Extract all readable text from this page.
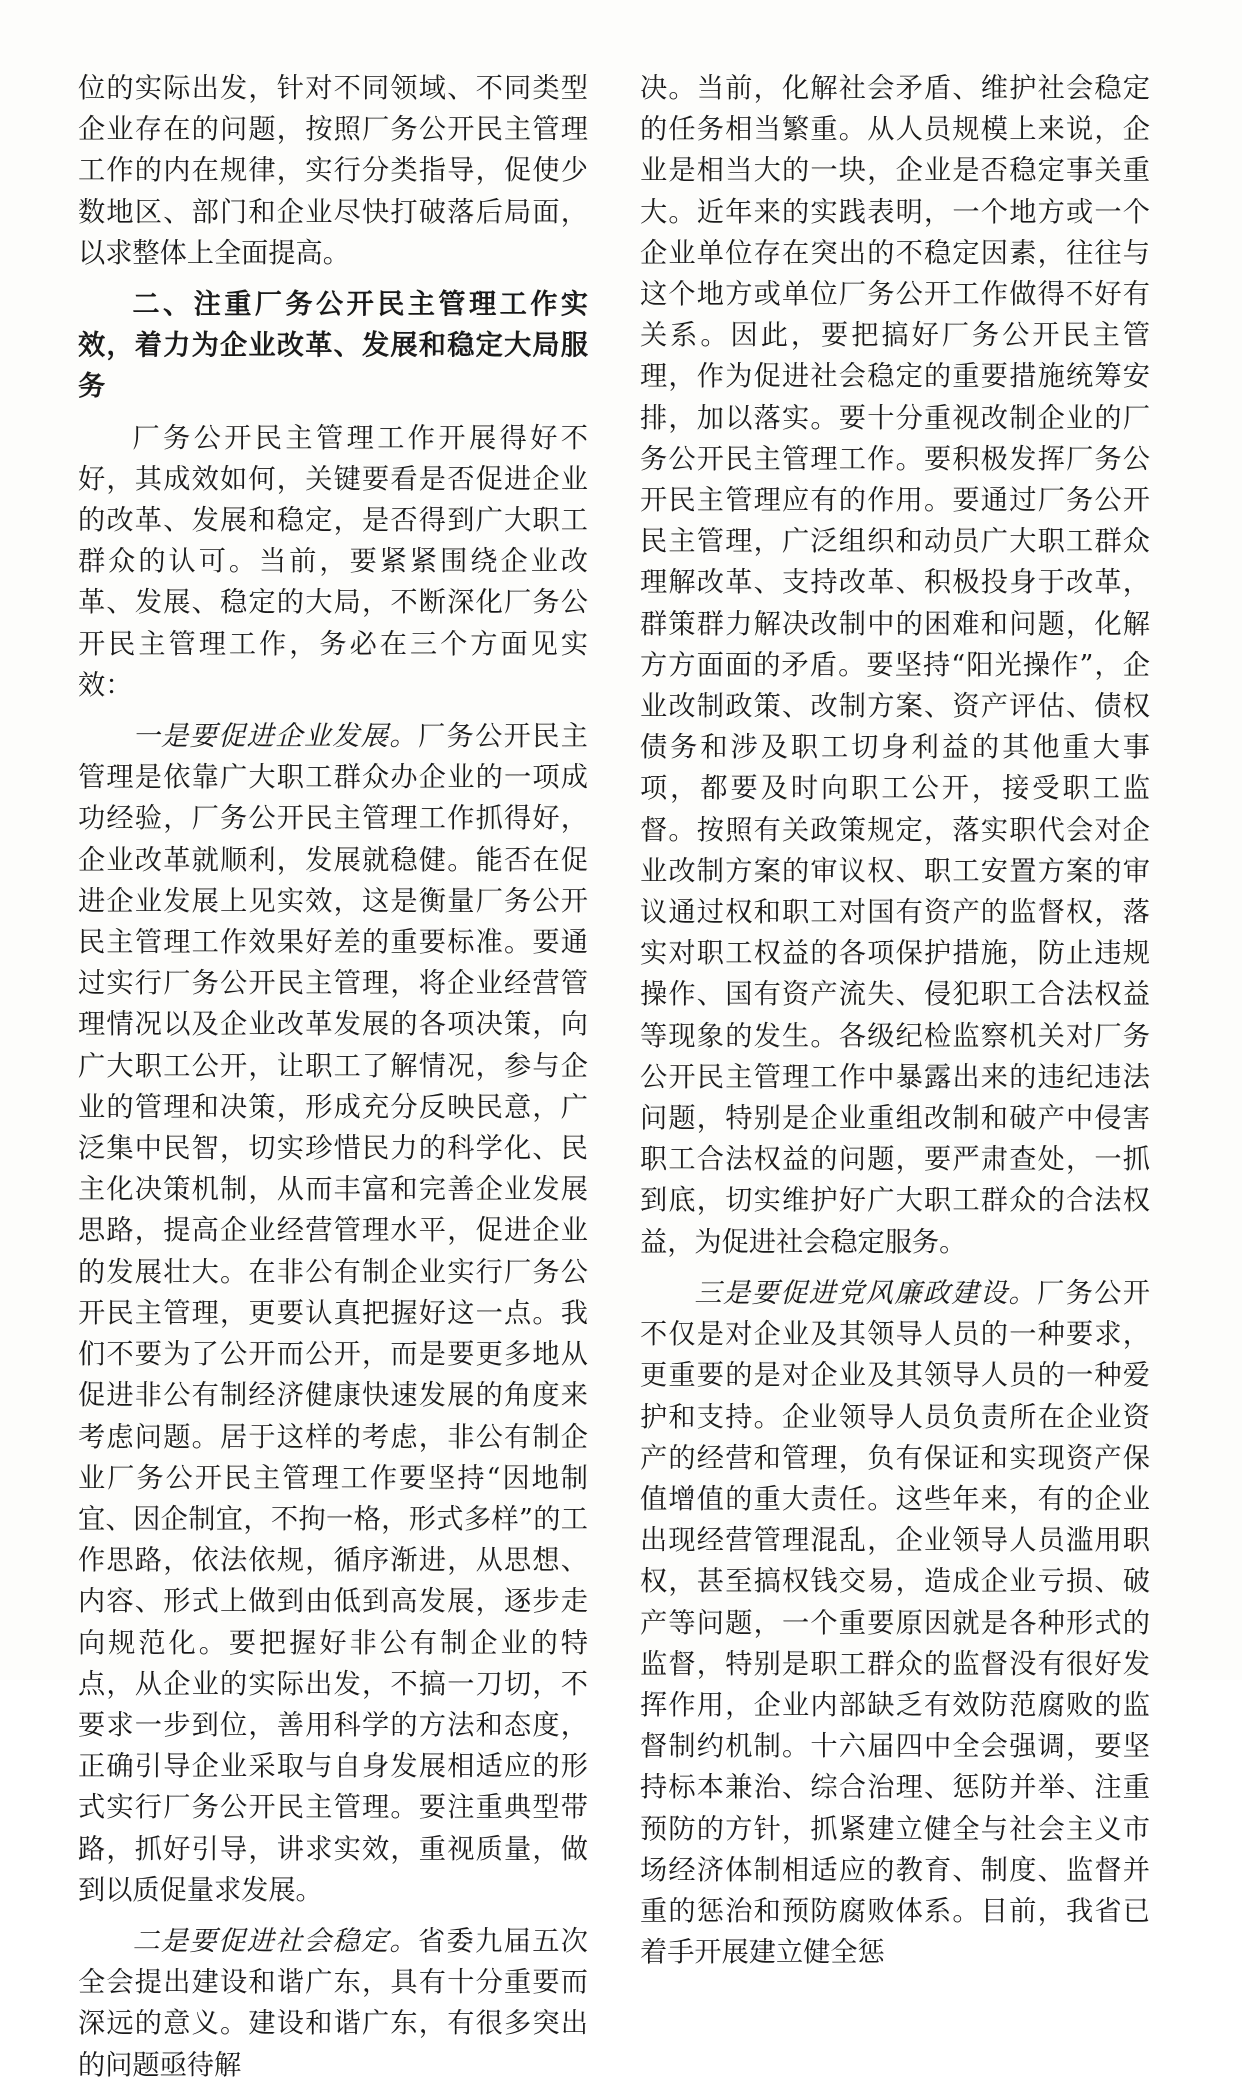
位的实际出发，针对不同领域、不同类型企业存在的问题，按照厂务公开民主管理工作的内在规律，实行分类指导，促使少数地区、部门和企业尽快打破落后局面，以求整体上全面提高。

二、注重厂务公开民主管理工作实效，着力为企业改革、发展和稳定大局服务

厂务公开民主管理工作开展得好不好，其成效如何，关键要看是否促进企业的改革、发展和稳定，是否得到广大职工群众的认可。当前，要紧紧围绕企业改革、发展、稳定的大局，不断深化厂务公开民主管理工作，务必在三个方面见实效：

一是要促进企业发展。厂务公开民主管理是依靠广大职工群众办企业的一项成功经验，厂务公开民主管理工作抓得好，企业改革就顺利，发展就稳健。能否在促进企业发展上见实效，这是衡量厂务公开民主管理工作效果好差的重要标准。要通过实行厂务公开民主管理，将企业经营管理情况以及企业改革发展的各项决策，向广大职工公开，让职工了解情况，参与企业的管理和决策，形成充分反映民意，广泛集中民智，切实珍惜民力的科学化、民主化决策机制，从而丰富和完善企业发展思路，提高企业经营管理水平，促进企业的发展壮大。在非公有制企业实行厂务公开民主管理，更要认真把握好这一点。我们不要为了公开而公开，而是要更多地从促进非公有制经济健康快速发展的角度来考虑问题。居于这样的考虑，非公有制企业厂务公开民主管理工作要坚持“因地制宜、因企制宜，不拘一格，形式多样”的工作思路，依法依规，循序渐进，从思想、内容、形式上做到由低到高发展，逐步走向规范化。要把握好非公有制企业的特点，从企业的实际出发，不搞一刀切，不要求一步到位，善用科学的方法和态度，正确引导企业采取与自身发展相适应的形式实行厂务公开民主管理。要注重典型带路，抓好引导，讲求实效，重视质量，做到以质促量求发展。

二是要促进社会稳定。省委九届五次全会提出建设和谐广东，具有十分重要而深远的意义。建设和谐广东，有很多突出的问题亟待解

决。当前，化解社会矛盾、维护社会稳定的任务相当繁重。从人员规模上来说，企业是相当大的一块，企业是否稳定事关重大。近年来的实践表明，一个地方或一个企业单位存在突出的不稳定因素，往往与这个地方或单位厂务公开工作做得不好有关系。因此，要把搞好厂务公开民主管理，作为促进社会稳定的重要措施统筹安排，加以落实。要十分重视改制企业的厂务公开民主管理工作。要积极发挥厂务公开民主管理应有的作用。要通过厂务公开民主管理，广泛组织和动员广大职工群众理解改革、支持改革、积极投身于改革，群策群力解决改制中的困难和问题，化解方方面面的矛盾。要坚持“阳光操作”，企业改制政策、改制方案、资产评估、债权债务和涉及职工切身利益的其他重大事项，都要及时向职工公开，接受职工监督。按照有关政策规定，落实职代会对企业改制方案的审议权、职工安置方案的审议通过权和职工对国有资产的监督权，落实对职工权益的各项保护措施，防止违规操作、国有资产流失、侵犯职工合法权益等现象的发生。各级纪检监察机关对厂务公开民主管理工作中暴露出来的违纪违法问题，特别是企业重组改制和破产中侵害职工合法权益的问题，要严肃查处，一抓到底，切实维护好广大职工群众的合法权益，为促进社会稳定服务。

三是要促进党风廉政建设。厂务公开不仅是对企业及其领导人员的一种要求，更重要的是对企业及其领导人员的一种爱护和支持。企业领导人员负责所在企业资产的经营和管理，负有保证和实现资产保值增值的重大责任。这些年来，有的企业出现经营管理混乱，企业领导人员滥用职权，甚至搞权钱交易，造成企业亏损、破产等问题，一个重要原因就是各种形式的监督，特别是职工群众的监督没有很好发挥作用，企业内部缺乏有效防范腐败的监督制约机制。十六届四中全会强调，要坚持标本兼治、综合治理、惩防并举、注重预防的方针，抓紧建立健全与社会主义市场经济体制相适应的教育、制度、监督并重的惩治和预防腐败体系。目前，我省已着手开展建立健全惩
